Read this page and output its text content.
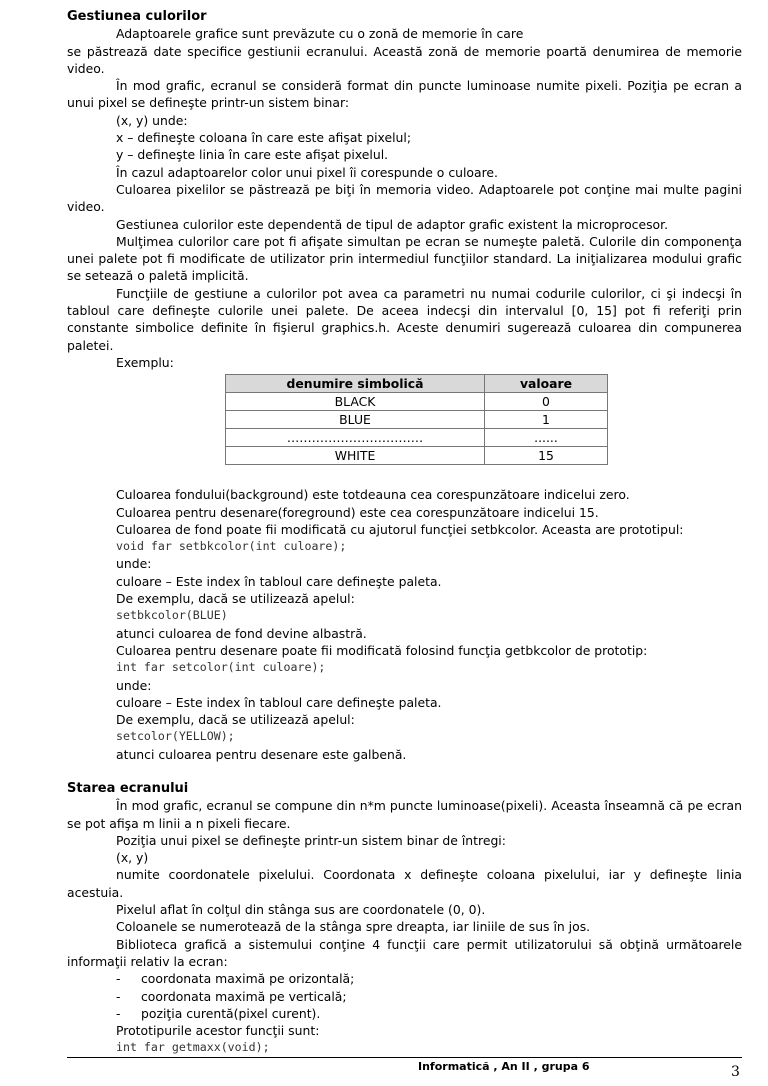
Gestiunea culorilor

Adaptoarele grafice sunt prevăzute cu o zonă de memorie în care

se păstrează date specifice gestiunii ecranului. Această zonă de memorie poartă denumirea de memorie video.

În mod grafic, ecranul se consideră format din puncte luminoase numite pixeli. Poziţia pe ecran a unui pixel se defineşte printr-un sistem binar:

(x, y) unde:

x – defineşte coloana în care este afişat pixelul;

y – defineşte linia în care este afişat pixelul.

În cazul adaptoarelor color unui pixel îi corespunde o culoare.

Culoarea pixelilor se păstrează pe biţi în memoria video. Adaptoarele pot conţine mai multe pagini video.

Gestiunea culorilor este dependentă de tipul de adaptor grafic existent la microprocesor.

Mulţimea culorilor care pot fi afişate simultan pe ecran se numeşte paletă. Culorile din componenţa unei palete pot fi modificate de utilizator prin intermediul funcţiilor standard. La iniţializarea modului grafic se setează o paletă implicită.

Funcţiile de gestiune a culorilor pot avea ca parametri nu numai codurile culorilor, ci şi indecşi în tabloul care defineşte culorile unei palete. De aceea indecşi din intervalul [0, 15] pot fi referiţi prin constante simbolice definite în fişierul graphics.h. Aceste denumiri sugerează culoarea din compunerea paletei.

Exemplu:

denumire simbolică	valoare
BLACK	0
BLUE	1
……………………………	......
WHITE	15

Culoarea fondului(background) este totdeauna cea corespunzătoare indicelui zero.

Culoarea pentru desenare(foreground) este cea corespunzătoare indicelui 15.

Culoarea de fond poate fii modificată cu ajutorul funcţiei setbkcolor. Aceasta are prototipul:

void far setbkcolor(int culoare);

unde:

culoare – Este index în tabloul care defineşte paleta.

De exemplu, dacă se utilizează apelul:

setbkcolor(BLUE)

atunci culoarea de fond devine albastră.

Culoarea pentru desenare poate fii modificată folosind funcţia getbkcolor de prototip:

int far setcolor(int culoare);

unde:

culoare – Este index în tabloul care defineşte paleta.

De exemplu, dacă se utilizează apelul:

setcolor(YELLOW);

atunci culoarea pentru desenare este galbenă.

Starea ecranului

În mod grafic, ecranul se compune din n*m puncte luminoase(pixeli). Aceasta înseamnă că pe ecran se pot afişa m linii a n pixeli fiecare.

Poziţia unui pixel se defineşte printr-un sistem binar de întregi:

(x, y)

numite coordonatele pixelului. Coordonata x defineşte coloana pixelului, iar y defineşte linia acestuia.

Pixelul aflat în colţul din stânga sus are coordonatele (0, 0).

Coloanele se numerotează de la stânga spre dreapta, iar liniile de sus în jos.

Biblioteca grafică a sistemului conţine 4 funcţii care permit utilizatorului să obţină următoarele informaţii relativ la ecran:

-	coordonata maximă pe orizontală;
-	coordonata maximă pe verticală;
-	poziţia curentă(pixel curent).

Prototipurile acestor funcţii sunt:

int far getmaxx(void);

Informatică , An II , grupa 6	3
